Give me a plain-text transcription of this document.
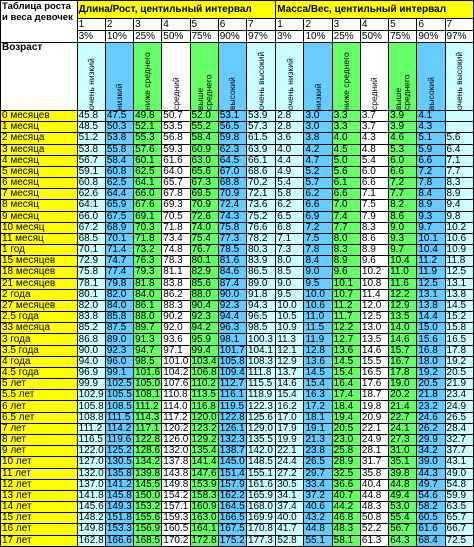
Таблица роста и веса девочек	Длина/Рост, центильный интервал							Масса/Вес, центильный интервал						
	1	2	3	4	5	6	7	1	2	3	4	5	6	7
	3%	10%	25%	50%	75%	90%	97%	3%	10%	25%	50%	75%	90%	97%
Возраст	очень низкий	низкий	ниже среднего	средний	выше среднего	высокий	очень высокий	очень низкий	низкий	ниже среднего	средний	выше среднего	высокий	очень высокий

0 месяцев	45.8	47.5	49.8	50.7	52.0	53.1	53.9	2.8	3.0	3.3	3.7	3.9	4.1	
1 месяц	48.5	50.3	52.1	53.5	55.2	56.5	57.3	2.8	3.0	3.3	3.7	3.9	4.3	
2 месяца	51.2	53.8	55.3	56.8	58.4	59.8	61.5	3.6	3.8	4.0	4.3	4.6	5.1	5.6
3 месяца	53.8	55.8	57.6	59.3	60.9	62.3	63.9	4.0	4.2	4.5	4.8	5.3	5.9	6.4
4 месяц	56.7	58.4	60.1	61.6	63.0	64.5	66.1	4.4	4.7	5.0	5.4	6.0	6.6	7.1
5 месяц	59.1	60.8	62.5	64.0	65.6	67.0	68.6	4.9	5.2	5.6	6.0	6.6	7.2	7.7
6 месяц	60.8	62.5	64.1	65.7	67.3	68.8	70.2	5.4	5.7	6.1	6.6	7.2	7.8	8.3
7 месяц	62.6	64.4	66.0	67.8	69.5	70.9	72.1	5.8	6.2	6.6	7.1	7.7	8.4	8.9
8 месяц	64.1	65.9	67.6	69.3	70.9	72.4	73.6	6.2	6.6	7.0	7.5	8.2	8.9	9.4
9 месяц	66.0	67.5	69.1	70.5	72.6	74.3	75.2	6.5	6.9	7.4	7.9	8.6	9.3	9.8
10 месяц	67.2	68.9	70.3	71.8	74.0	75.8	76.6	6.8	7.2	7.7	8.3	9.0	9.7	10.2
11 месяц	68.5	70.1	71.8	73.4	75.4	77.3	78.2	7.1	7.5	8.0	8.6	9.3	10.1	10.6
1 год	70.1	71.4	73.2	74.8	76.7	78.5	80.3	7.3	7.8	8.3	8.9	9.7	10.4	10.9
15 месяцев	72.9	74.7	76.3	78.3	80.1	81.6	83.9	8.0	8.4	8.9	9.6	10.4	11.2	11.8
18 месяцев	75.8	77.4	79.3	81.1	82.9	84.6	86.5	8.5	9.0	9.6	10.2	11.0	11.9	12.5
21 месяцев	78.1	79.8	81.8	83.8	85.6	87.4	89.0	9.0	9.5	10.1	10.8	11.6	12.5	13.1
2 года	80.1	82.0	84.0	86.2	88.0	90.0	91.8	9.5	10.0	10.7	11.4	12.2	13.1	13.8
27 месяцев	82.0	84.0	86.1	88.3	90.4	92.3	94.3	10.0	10.6	11.2	12.0	12.9	13.8	14.5
2.5 года	83.8	85.8	88.0	90.2	92.3	94.4	96.5	10.5	11.0	11.7	12.5	13.5	14.4	15.2
33 месяца	85.2	87.5	89.7	92.0	94.2	96.3	98.5	10.9	11.5	12.2	13.0	14.0	15.0	15.8
3 года	86.8	89.0	91.3	93.6	95.9	98.1	100.3	11.3	11.9	12.7	13.5	14.6	15.6	16.5
3.5 года	90.0	92.3	94.7	97.1	99.4	101.7	104.1	12.1	12.8	13.6	14.6	15.7	16.8	17.8
4 года	94.0	96.0	98.5	101.0	103.4	105.8	108.3	12.9	13.6	14.5	15.5	16.7	18.0	19.2
4.5 года	96.9	99.1	101.6	104.2	106.8	109.4	111.8	13.7	14.5	15.4	16.5	17.8	19.2	20.5
5 лет	99.9	102.5	105.0	107.6	110.2	112.7	115.5	14.6	15.4	16.4	17.6	19.0	20.5	21.9
5.5 лет	102.9	105.5	108.1	110.8	113.5	116.1	118.9	15.4	16.3	17.4	18.7	20.2	21.8	23.4
6 лет	105.8	108.5	111.2	114.0	116.8	119.5	122.3	16.2	17.2	18.4	19.8	21.4	23.2	24.9
6.5 лет	108.8	111.5	114.3	117.2	120.0	122.8	125.6	17.0	18.1	19.4	20.9	22.7	24.6	26.5
7 лет	111.2	114.2	117.1	120.2	123.2	126.1	129.0	17.9	19.1	20.5	22.1	24.1	26.2	28.4
8 лет	116.5	119.6	122.8	126.0	129.2	132.3	135.5	19.9	21.3	23.0	24.9	27.3	29.9	32.7
9 лет	122.0	125.2	128.6	132.0	135.4	138.7	142.0	22.1	23.8	25.8	28.1	31.0	34.2	37.7
10 лет	127.0	130.5	134.2	137.8	141.4	145.0	148.5	24.4	26.5	28.9	31.7	35.1	39.0	43.1
11 лет	132.0	135.8	139.8	143.8	147.6	151.4	155.1	27.2	29.7	32.5	35.8	39.8	44.3	49.0
12 лет	137.0	141.2	145.5	149.8	153.9	157.9	161.6	30.5	33.4	36.6	40.4	44.8	49.7	54.8
13 лет	141.8	145.8	150.0	154.2	158.3	162.2	165.9	34.1	37.2	40.7	44.8	49.4	54.6	59.9
14 лет	145.6	149.3	153.2	157.1	160.9	164.5	168.0	37.4	40.6	44.2	48.3	53.0	58.2	63.5
15 лет	148.2	151.8	155.6	159.3	163.0	166.5	169.9	40.0	43.2	46.8	50.8	55.4	60.5	65.7
16 лет	149.8	153.3	156.9	160.5	164.1	167.5	170.8	41.7	44.8	48.3	52.2	56.7	61.6	66.7
17 лет	162.8	166.6	168.5	170.2	172.8	175.2	177.3	52.8	55.1	58.1	61.3	64.3	68.4	72.5
